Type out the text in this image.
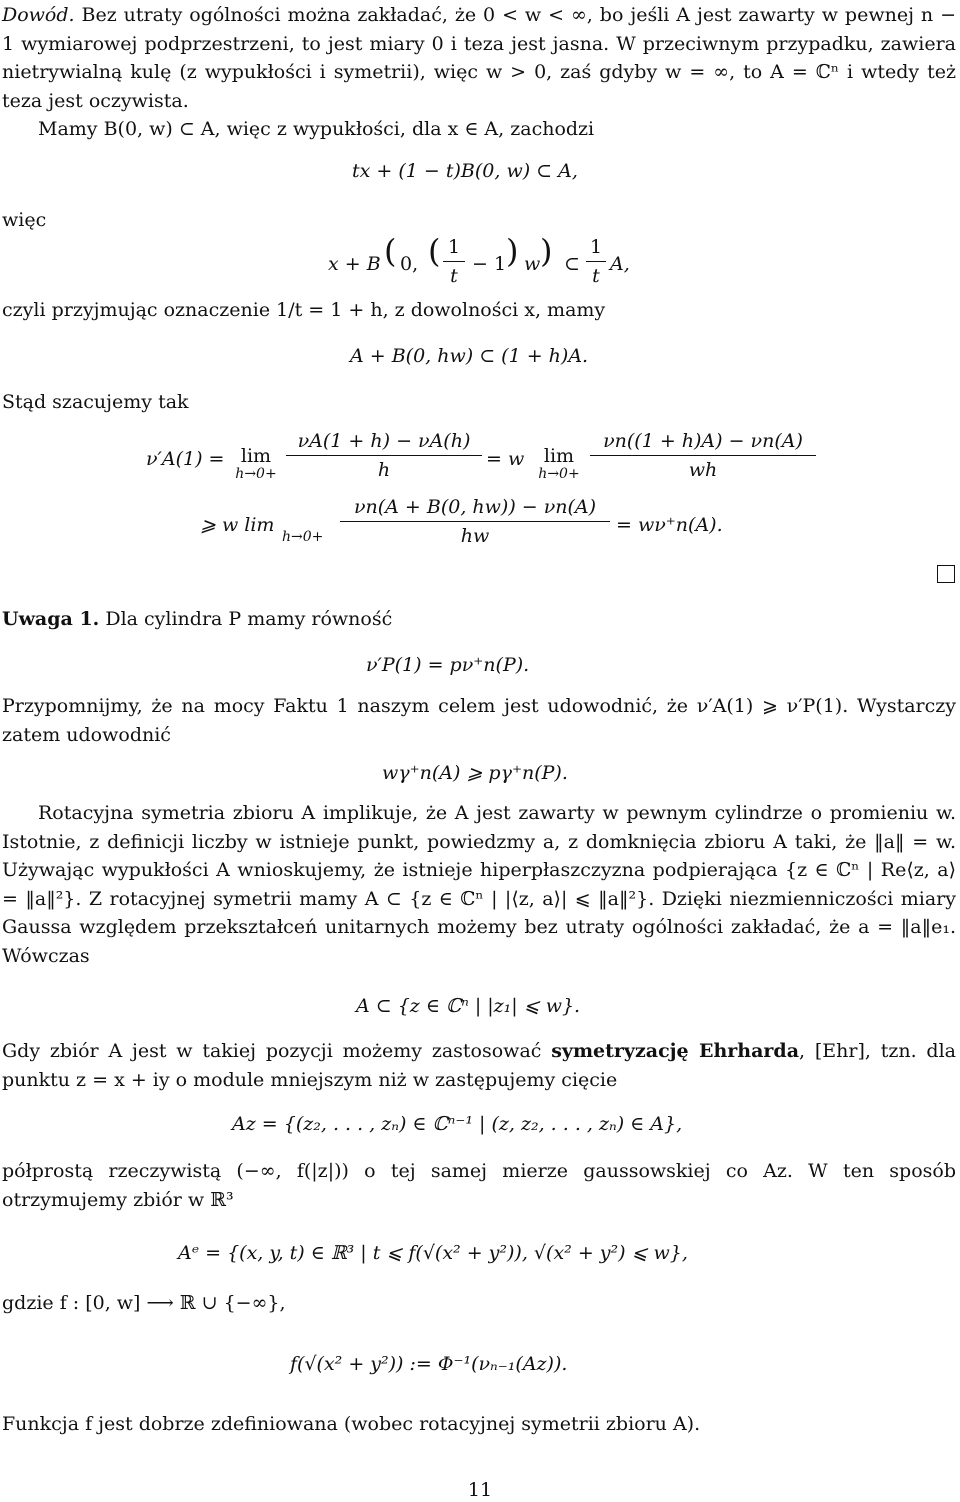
Dowód. Bez utraty ogólności można zakładać, że 0 < w < ∞, bo jeśli A jest zawarty w pewnej n − 1 wymiarowej podprzestrzeni, to jest miary 0 i teza jest jasna. W przeciwnym przypadku, zawiera nietrywialną kulę (z wypukłości i symetrii), więc w > 0, zaś gdyby w = ∞, to A = ℂⁿ i wtedy też teza jest oczywista.
Mamy B(0, w) ⊂ A, więc z wypukłości, dla x ∈ A, zachodzi
tx + (1 − t)B(0, w) ⊂ A,
więc
x + B ( 0, ( 1
t
− 1 ) w ) ⊂
1
t
A,
czyli przyjmując oznaczenie 1/t = 1 + h, z dowolności x, mamy
A + B(0, hw) ⊂ (1 + h)A.
Stąd szacujemy tak
ν′A(1) = lim
h→0+
νA(1 + h) − νA(h)
h	= w	lim
h→0+
νn((1 + h)A) − νn(A)
wh
⩾ w lim
h→0+
νn(A + B(0, hw)) − νn(A)
hw	= wν⁺n(A).
Uwaga 1. Dla cylindra P mamy równość
ν′P(1) = pν⁺n(P).
Przypomnijmy, że na mocy Faktu 1 naszym celem jest udowodnić, że ν′A(1) ⩾ ν′P(1). Wystarczy zatem udowodnić
wγ⁺n(A) ⩾ pγ⁺n(P).
Rotacyjna symetria zbioru A implikuje, że A jest zawarty w pewnym cylindrze o promieniu w. Istotnie, z definicji liczby w istnieje punkt, powiedzmy a, z domknięcia zbioru A taki, że ‖a‖ = w. Używając wypukłości A wnioskujemy, że istnieje hiperpłaszczyzna podpierająca {z ∈ ℂⁿ | Re⟨z, a⟩ = ‖a‖²}. Z rotacyjnej symetrii mamy A ⊂ {z ∈ ℂⁿ | |⟨z, a⟩| ⩽ ‖a‖²}. Dzięki niezmienniczości miary Gaussa względem przekształceń unitarnych możemy bez utraty ogólności zakładać, że a = ‖a‖e₁. Wówczas
A ⊂ {z ∈ ℂⁿ | |z₁| ⩽ w}.
Gdy zbiór A jest w takiej pozycji możemy zastosować symetryzację Ehrharda, [Ehr], tzn. dla punktu z = x + iy o module mniejszym niż w zastępujemy cięcie
Az = {(z₂, . . . , zₙ) ∈ ℂⁿ⁻¹ | (z, z₂, . . . , zₙ) ∈ A},
półprostą rzeczywistą (−∞, f(|z|)) o tej samej mierze gaussowskiej co Az. W ten sposób otrzymujemy zbiór w ℝ³
Aᵉ = {(x, y, t) ∈ ℝ³ | t ⩽ f(√(x² + y²)), √(x² + y²) ⩽ w},
gdzie f : [0, w] ⟶ ℝ ∪ {−∞},
f(√(x² + y²)) := Φ⁻¹(νₙ₋₁(Az)).
Funkcja f jest dobrze zdefiniowana (wobec rotacyjnej symetrii zbioru A).
11
